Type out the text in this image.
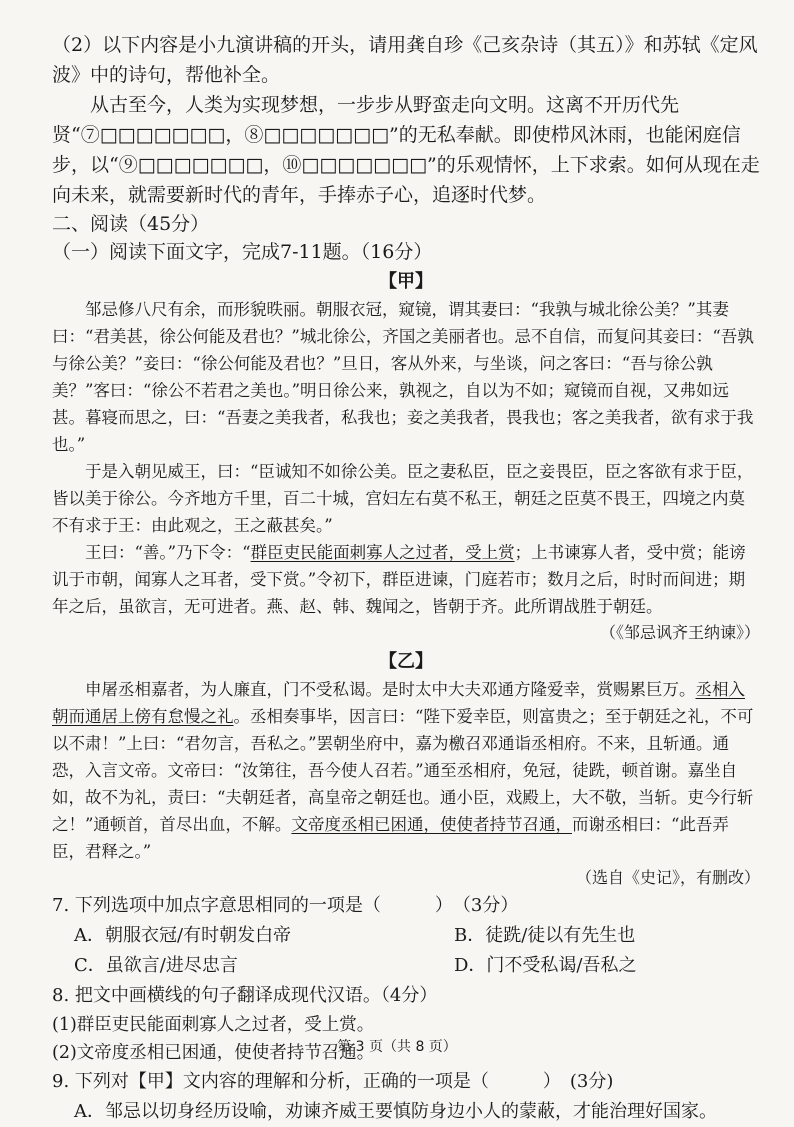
（2）以下内容是小九演讲稿的开头，请用龚自珍《己亥杂诗（其五）》和苏轼《定风波》中的诗句，帮他补全。

从古至今，人类为实现梦想，一步步从野蛮走向文明。这离不开历代先贤“⑦□□□□□□□，⑧□□□□□□□”的无私奉献。即使栉风沐雨，也能闲庭信步，以“⑨□□□□□□□，⑩□□□□□□□”的乐观情怀，上下求索。如何从现在走向未来，就需要新时代的青年，手捧赤子心，追逐时代梦。

二、阅读（45分）

（一）阅读下面文字，完成7-11题。（16分）

【甲】

邹忌修八尺有余，而形貌昳丽。朝服衣冠，窥镜，谓其妻曰：“我孰与城北徐公美？”其妻曰：“君美甚，徐公何能及君也？”城北徐公，齐国之美丽者也。忌不自信，而复问其妾曰：“吾孰与徐公美？”妾曰：“徐公何能及君也？”旦日，客从外来，与坐谈，问之客曰：“吾与徐公孰美？”客曰：“徐公不若君之美也。”明日徐公来，孰视之，自以为不如；窥镜而自视，又弗如远甚。暮寝而思之，曰：“吾妻之美我者，私我也；妾之美我者，畏我也；客之美我者，欲有求于我也。”

于是入朝见威王，曰：“臣诚知不如徐公美。臣之妻私臣，臣之妾畏臣，臣之客欲有求于臣，皆以美于徐公。今齐地方千里，百二十城，宫妇左右莫不私王，朝廷之臣莫不畏王，四境之内莫不有求于王：由此观之，王之蔽甚矣。”

王曰：“善。”乃下令：“群臣吏民能面刺寡人之过者，受上赏；上书谏寡人者，受中赏；能谤讥于市朝，闻寡人之耳者，受下赏。”令初下，群臣进谏，门庭若市；数月之后，时时而间进；期年之后，虽欲言，无可进者。燕、赵、韩、魏闻之，皆朝于齐。此所谓战胜于朝廷。

（《邹忌讽齐王纳谏》）

【乙】

申屠丞相嘉者，为人廉直，门不受私谒。是时太中大夫邓通方隆爱幸，赏赐累巨万。丞相入朝而通居上傍有怠慢之礼。丞相奏事毕，因言曰：“陛下爱幸臣，则富贵之；至于朝廷之礼，不可以不肃！”上曰：“君勿言，吾私之。”罢朝坐府中，嘉为檄召邓通诣丞相府。不来，且斩通。通恐，入言文帝。文帝曰：“汝第往，吾今使人召若。”通至丞相府，免冠，徒跣，顿首谢。嘉坐自如，故不为礼，责曰：“夫朝廷者，高皇帝之朝廷也。通小臣，戏殿上，大不敬，当斩。吏今行斩之！”通顿首，首尽出血，不解。文帝度丞相已困通，使使者持节召通，而谢丞相曰：“此吾弄臣，君释之。”

（选自《史记》，有删改）

7. 下列选项中加点字意思相同的一项是（　　　）　（3分）

A．朝服衣冠/有时朝发白帝	B．徒跣/徒以有先生也
C．虽欲言/进尽忠言	D．门不受私谒/吾私之

8. 把文中画横线的句子翻译成现代汉语。（4分）

(1)群臣吏民能面刺寡人之过者，受上赏。

(2)文帝度丞相已困通，使使者持节召通。

9. 下列对【甲】文内容的理解和分析，正确的一项是（　　　）　(3分)

A．邹忌以切身经历设喻，劝谏齐威王要慎防身边小人的蒙蔽，才能治理好国家。

第 3 页（共 8 页）
